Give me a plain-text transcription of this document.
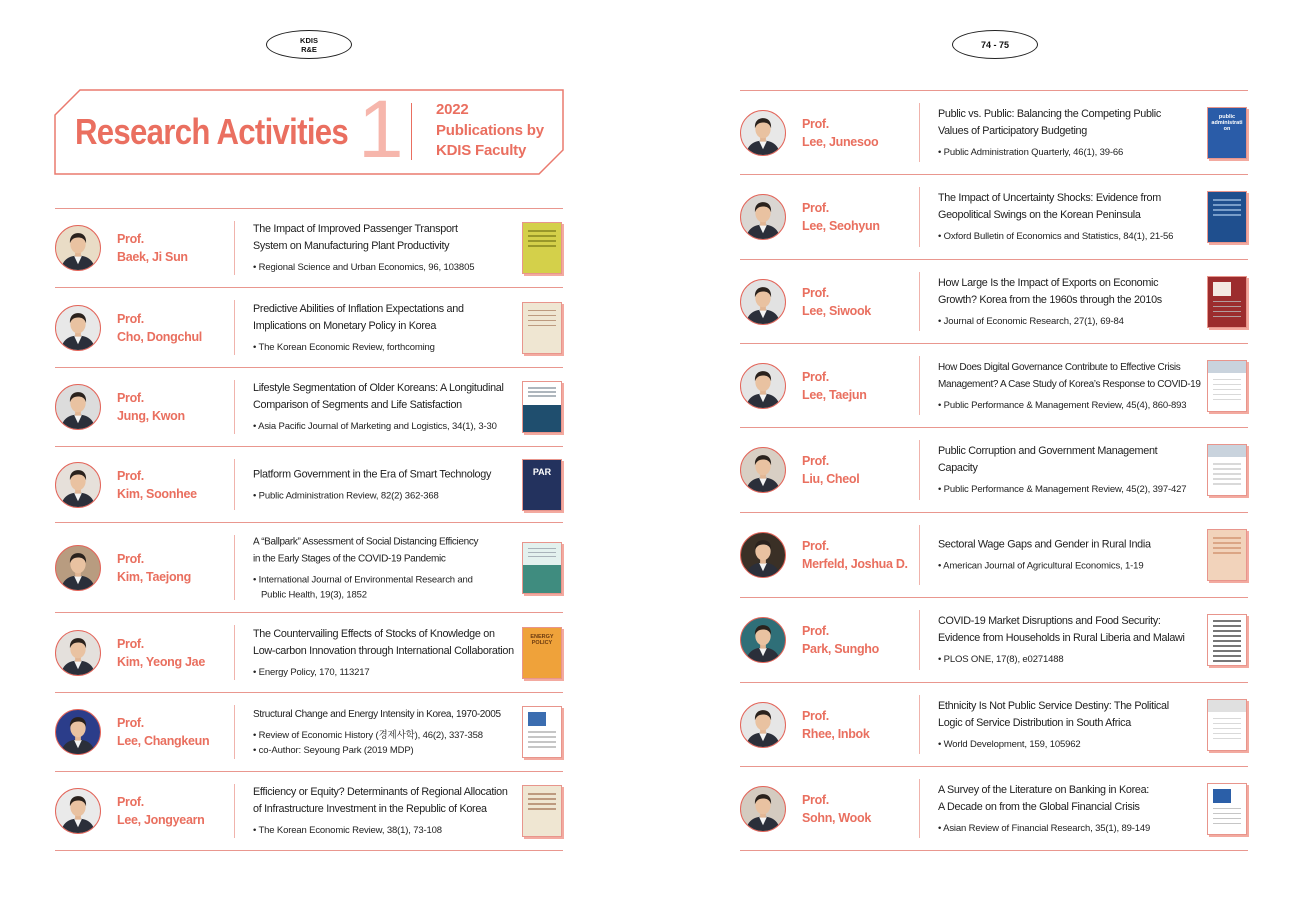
KDIS
R&E	74 - 75
Research Activities 1 2022
Publications by
KDIS Faculty
Prof.
Baek, Ji Sun
The Impact of Improved Passenger Transport
System on Manufacturing Plant Productivity
• Regional Science and Urban Economics, 96, 103805
Prof.
Cho, Dongchul
Predictive Abilities of Inflation Expectations and
Implications on Monetary Policy in Korea
• The Korean Economic Review, forthcoming
Prof.
Jung, Kwon
Lifestyle Segmentation of Older Koreans: A Longitudinal
Comparison of Segments and Life Satisfaction
• Asia Pacific Journal of Marketing and Logistics, 34(1), 3-30
Prof.
Kim, Soonhee
Platform Government in the Era of Smart Technology
• Public Administration Review, 82(2) 362-368
PAR
Prof.
Kim, Taejong
A “Ballpark” Assessment of Social Distancing Efficiency
in the Early Stages of the COVID-19 Pandemic
• International Journal of Environmental Research and
Public Health, 19(3), 1852
Prof.
Kim, Yeong Jae
The Countervailing Effects of Stocks of Knowledge on
Low-carbon Innovation through International Collaboration
• Energy Policy, 170, 113217
ENERGY POLICY
Prof.
Lee, Changkeun
Structural Change and Energy Intensity in Korea, 1970-2005
• Review of Economic History (경제사학), 46(2), 337-358
• co-Author: Seyoung Park (2019 MDP)
Prof.
Lee, Jongyearn
Efficiency or Equity? Determinants of Regional Allocation
of Infrastructure Investment in the Republic of Korea
• The Korean Economic Review, 38(1), 73-108
Prof.
Lee, Junesoo
Public vs. Public: Balancing the Competing Public
Values of Participatory Budgeting
• Public Administration Quarterly, 46(1), 39-66
public administration
Prof.
Lee, Seohyun
The Impact of Uncertainty Shocks: Evidence from
Geopolitical Swings on the Korean Peninsula
• Oxford Bulletin of Economics and Statistics, 84(1), 21-56
Prof.
Lee, Siwook
How Large Is the Impact of Exports on Economic
Growth? Korea from the 1960s through the 2010s
• Journal of Economic Research, 27(1), 69-84
Prof.
Lee, Taejun
How Does Digital Governance Contribute to Effective Crisis
Management? A Case Study of Korea’s Response to COVID-19
• Public Performance & Management Review, 45(4), 860-893
Prof.
Liu, Cheol
Public Corruption and Government Management
Capacity
• Public Performance & Management Review, 45(2), 397-427
Prof.
Merfeld, Joshua D.
Sectoral Wage Gaps and Gender in Rural India
• American Journal of Agricultural Economics, 1-19
Prof.
Park, Sungho
COVID-19 Market Disruptions and Food Security:
Evidence from Households in Rural Liberia and Malawi
• PLOS ONE, 17(8), e0271488
Prof.
Rhee, Inbok
Ethnicity Is Not Public Service Destiny: The Political
Logic of Service Distribution in South Africa
• World Development, 159, 105962
Prof.
Sohn, Wook
A Survey of the Literature on Banking in Korea:
A Decade on from the Global Financial Crisis
• Asian Review of Financial Research, 35(1), 89-149
